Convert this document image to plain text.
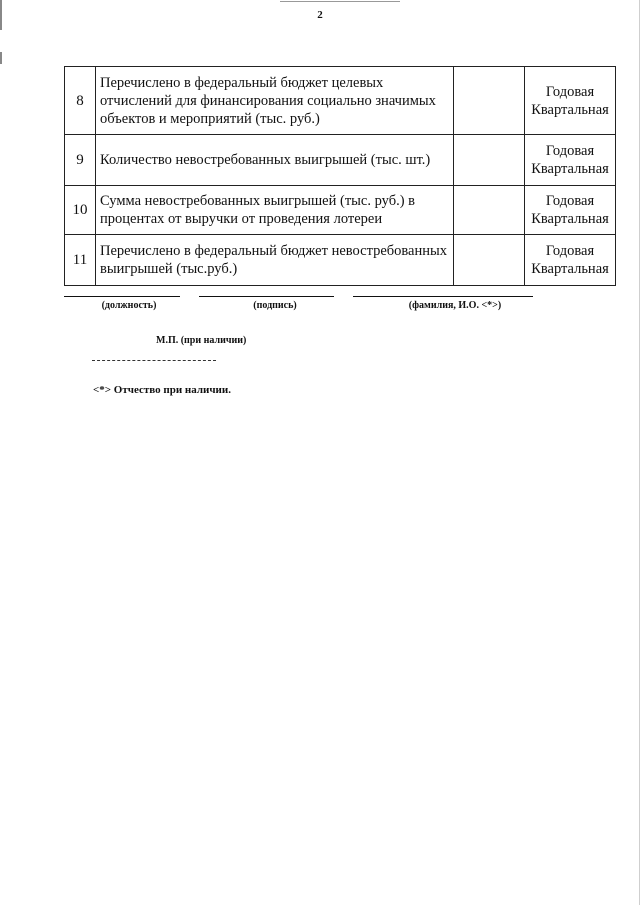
2
8	Перечислено в федеральный бюджет целевых отчислений для финансирования социально значимых объектов и мероприятий (тыс. руб.)		Годовая
Квартальная

9	Количество невостребованных выигрышей (тыс. шт.)		Годовая
Квартальная

10	Сумма невостребованных выигрышей (тыс. руб.) в процентах от выручки от проведения лотереи		Годовая
Квартальная

11	Перечислено в федеральный бюджет невостребованных выигрышей (тыс.руб.)		Годовая
Квартальная
(должность)	(подпись)	(фамилия, И.О. <*>)
М.П. (при наличии)
<*> Отчество при наличии.
